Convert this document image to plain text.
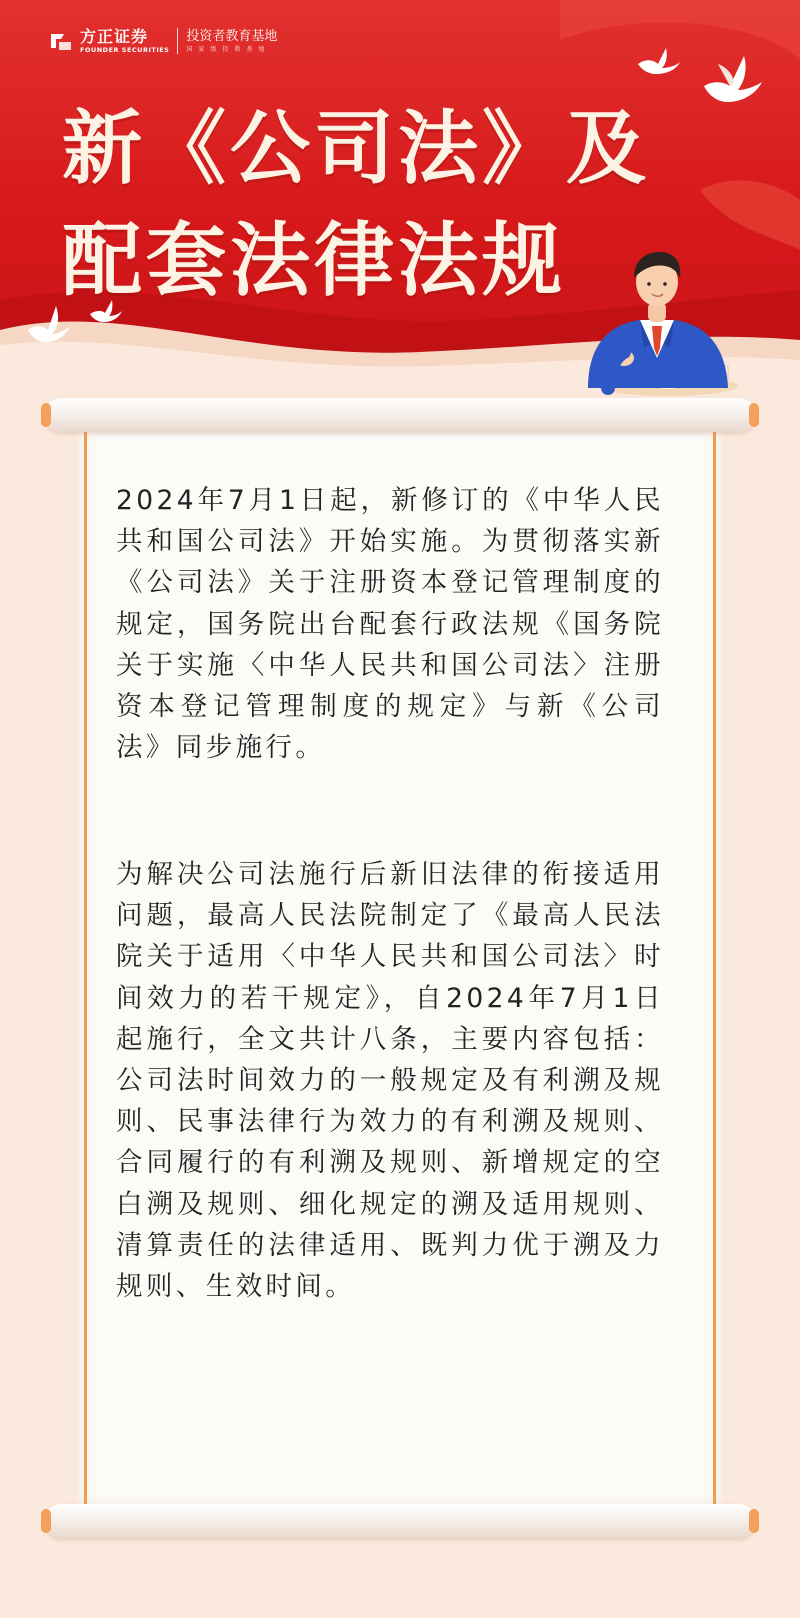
方正证券
FOUNDER SECURITIES
投资者教育基地
国家级投教基地
新《公司法》及
配套法律法规

2024年7月1日起，新修订的《中华人民共和国公司法》开始实施。为贯彻落实新《公司法》关于注册资本登记管理制度的规定，国务院出台配套行政法规《国务院关于实施〈中华人民共和国公司法〉注册资本登记管理制度的规定》与新《公司法》同步施行。

为解决公司法施行后新旧法律的衔接适用问题，最高人民法院制定了《最高人民法院关于适用〈中华人民共和国公司法〉时间效力的若干规定》，自2024年7月1日起施行，全文共计八条，主要内容包括：公司法时间效力的一般规定及有利溯及规则、民事法律行为效力的有利溯及规则、合同履行的有利溯及规则、新增规定的空白溯及规则、细化规定的溯及适用规则、清算责任的法律适用、既判力优于溯及力规则、生效时间。
